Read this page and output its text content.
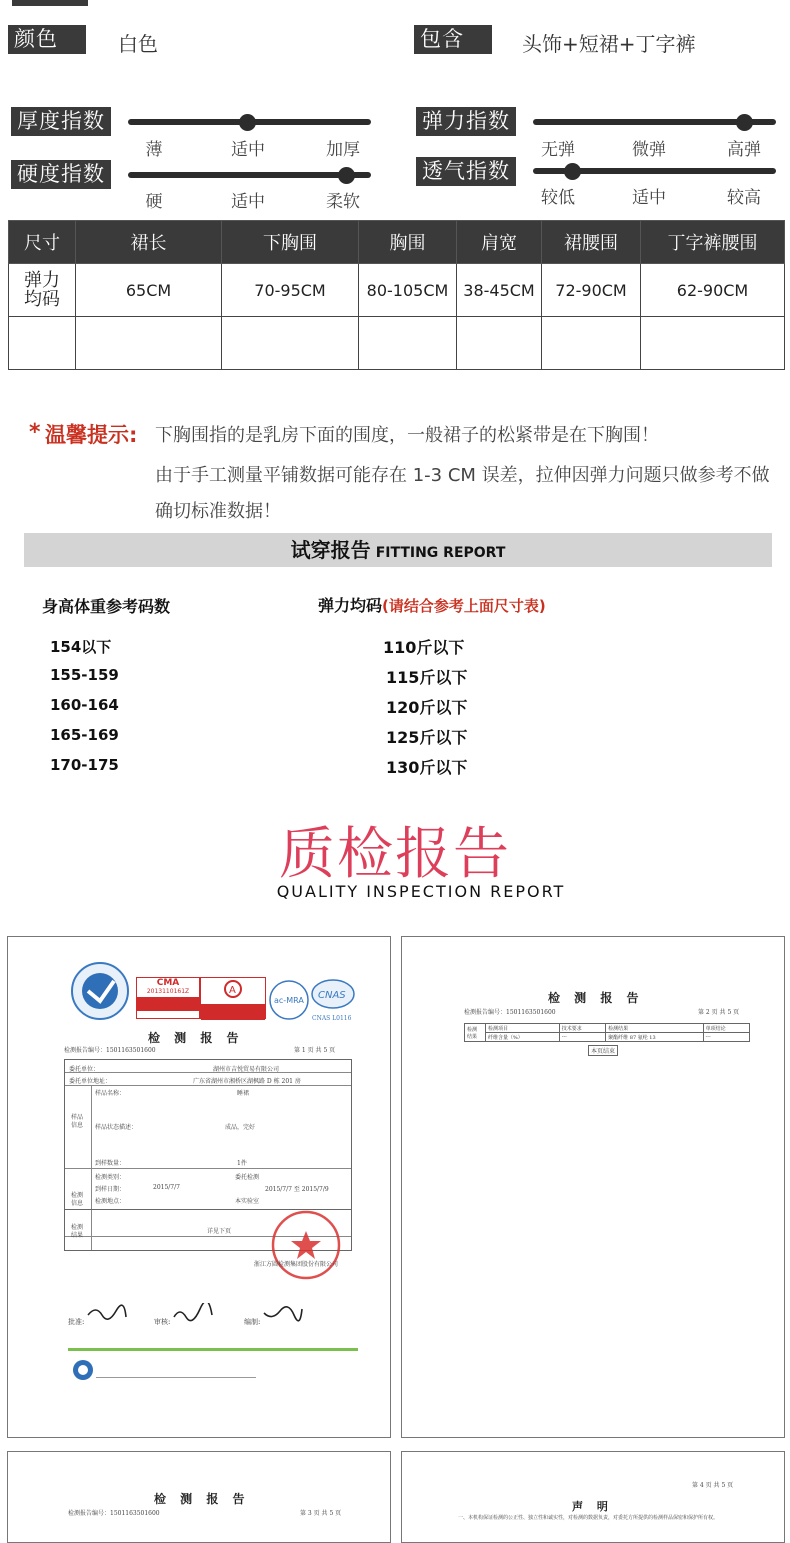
颜色	白色	包含	头饰+短裙+丁字裤
厚度指数
薄	适中	加厚
硬度指数
硬	适中	柔软
弹力指数
无弹	微弹	高弹
透气指数
较低	适中	较高
尺寸	裙长	下胸围	胸围	肩宽	裙腰围	丁字裤腰围
弹力
均码	65CM	70-95CM	80-105CM	38-45CM	72-90CM	62-90CM

* 温馨提示: 下胸围指的是乳房下面的围度，一般裙子的松紧带是在下胸围！
由于手工测量平铺数据可能存在 1-3 CM 误差，拉伸因弹力问题只做参考不做
确切标准数据！
试穿报告 FITTING REPORT
身高体重参考码数	弹力均码(请结合参考上面尺寸表)
154以下	110斤以下
155-159	115斤以下
160-164	120斤以下
165-169	125斤以下
170-175	130斤以下
质检报告
QUALITY INSPECTION REPORT
CMA
2013110161Z	A
ac-MRA CNAS
CNAS L0116
检 测 报 告
检测报告编号：1501163501600	第 1 页 共 5 页
委托单位：	湖州市吉悦贸易有限公司
委托单位地址：	广东省湖州市湘桥区湖枫路 D 栋 201 房
样品
信息
样品名称：	睡裙
样品状态描述：	成品，完好
到样数量：	1件
检测
信息
检测类别：	委托检测
到样日期：	2015/7/7	2015/7/7 至 2015/7/9
检测地点：	本实验室
检测
结果
详见下页
浙江方圆检测集团股份有限公司
批准:	审核:	编制:
检 测 报 告
检测报告编号：1501163501600	第 2 页 共 5 页
检测
结果	检测项目	技术要求	检测结果	单项结论
	纤维含量（%）	---	聚酯纤维 87 氨纶 13	---
本页结束
检 测 报 告
检测报告编号：1501163501600	第 3 页 共 5 页
第 4 页 共 5 页
声 明
一、本机构保证检测的公正性、独立性和诚实性，对检测的数据负责，对委托方所提供的检测样品保密和保护所有权。
